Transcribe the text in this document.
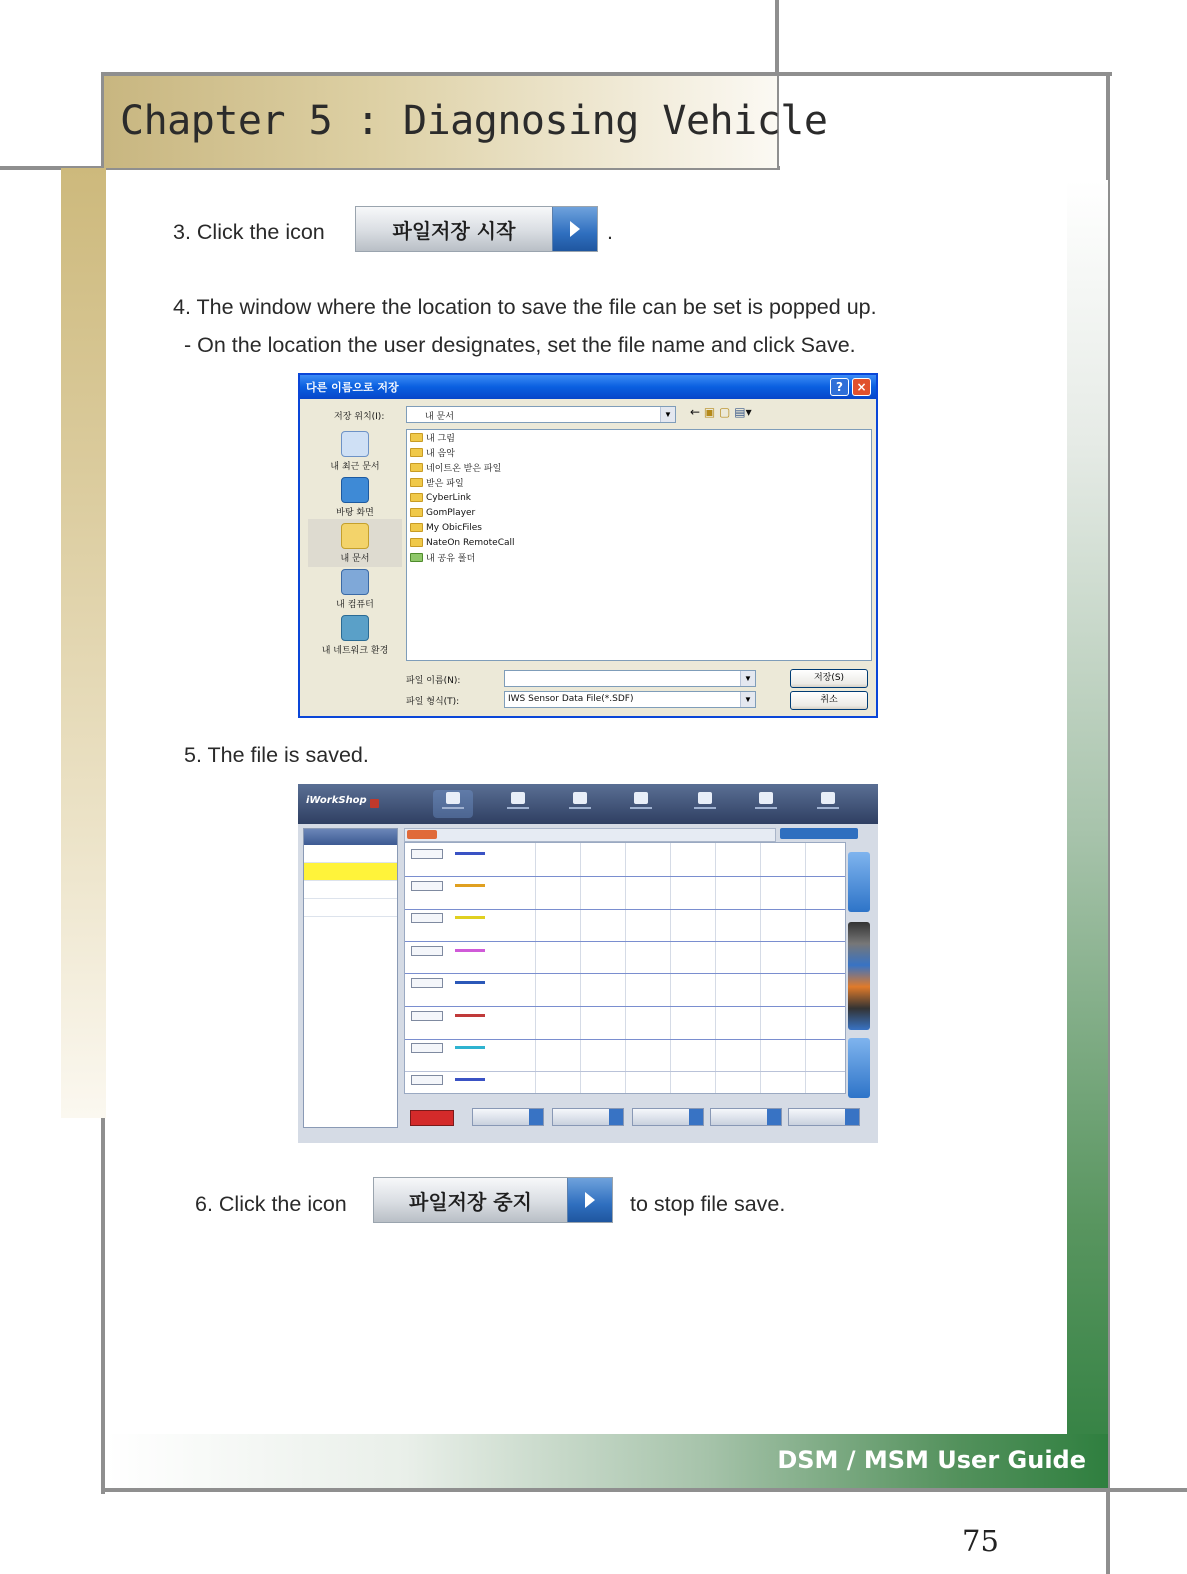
Chapter 5 : Diagnosing Vehicle
DSM / MSM User Guide
75
3. Click the icon	파일저장 시작	.
4. The window where the location to save the file can be set is popped up.
- On the location the user designates, set the file name and click Save.
다른 이름으로 저장	?	×
저장 위치(I):	내 문서	▼ ← ▣ ▢ ▤▾
내 최근 문서
바탕 화면
내 문서
내 컴퓨터
내 네트워크 환경
내 그림
내 음악
네이트온 받은 파일
받은 파일
CyberLink
GomPlayer
My ObicFiles
NateOn RemoteCall
내 공유 폴더
파일 이름(N):	▼
파일 형식(T):	IWS Sensor Data File(*.SDF)	▼
저장(S)
취소
5. The file is saved.
iWorkShop
6. Click the icon	파일저장 중지	to stop file save.
